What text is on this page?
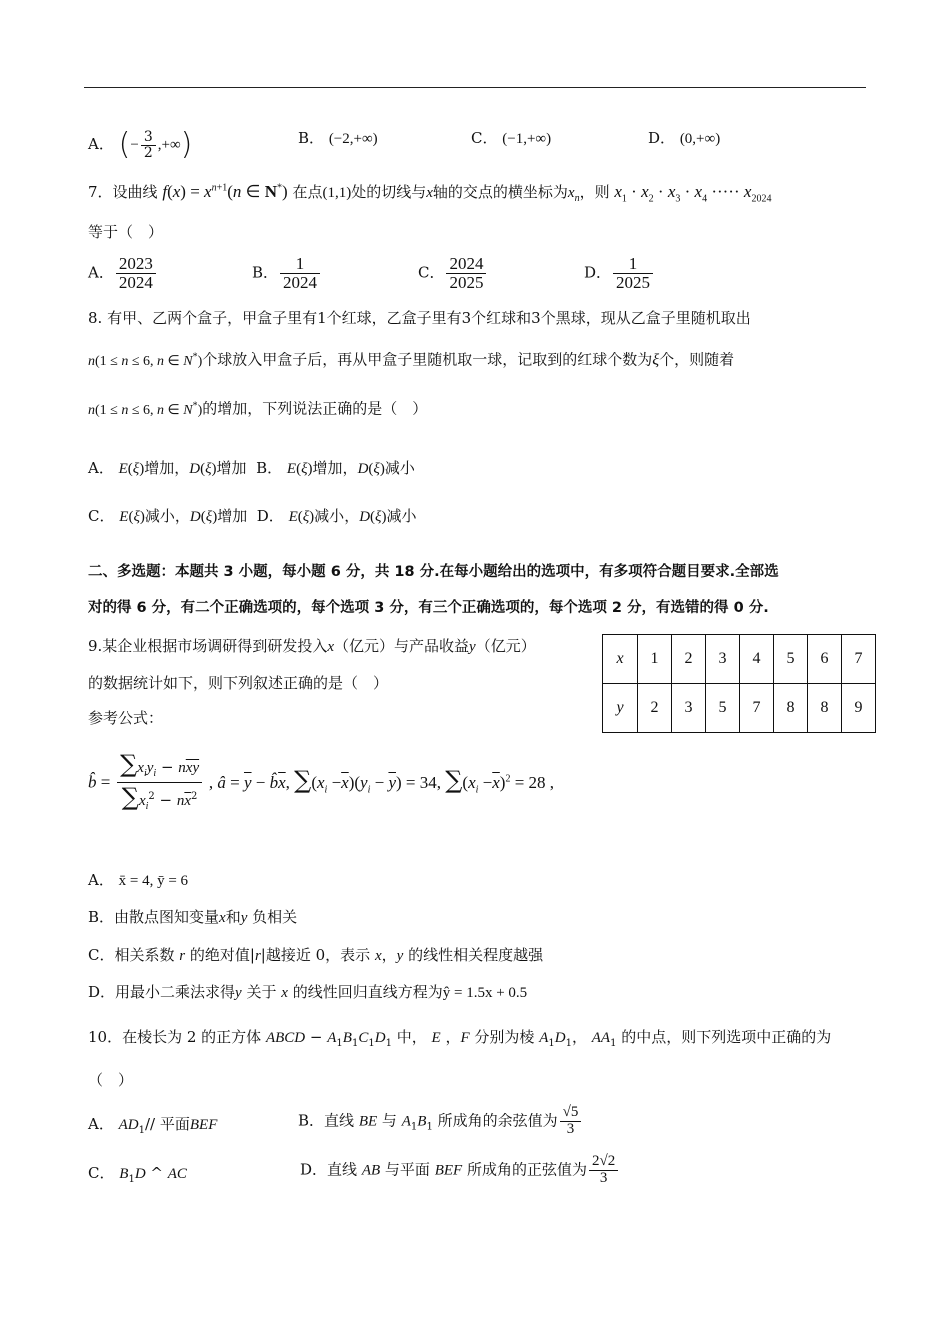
A． (− $\frac{3}{2}$ ,+∞)	B． (−2,+∞)	C． (−1,+∞)	D． (0,+∞)
7．设曲线 $f(x) = x^{n+1}(n$ ∈ N*) 在点(1,1)处的切线与x轴的交点的横坐标为$x_n$，则 $x_1 \cdot x_2 \cdot x_3 \cdot x_4$ ····· $x_{2024}$
等于（　）
A． $\frac{2023}{2024}$	B． $\frac{1}{2024}$	C． $\frac{2024}{2025}$	D． $\frac{1}{2025}$
8. 有甲、乙两个盒子，甲盒子里有1个红球，乙盒子里有3个红球和3个黑球，现从乙盒子里随机取出
n(1 ≤ n ≤ 6, n ∈ N*)个球放入甲盒子后，再从甲盒子里随机取一球，记取到的红球个数为ξ个，则随着
n(1 ≤ n ≤ 6, n ∈ N*)的增加，下列说法正确的是（　）
A． E(ξ)增加，D(ξ)增加 B． E(ξ)增加，D(ξ)减小
C． E(ξ)减小，D(ξ)增加 D． E(ξ)减小，D(ξ)减小
二、多选题：本题共 3 小题，每小题 6 分，共 18 分.在每小题给出的选项中，有多项符合题目要求.全部选
对的得 6 分，有二个正确选项的，每个选项 3 分，有三个正确选项的，每个选项 2 分，有选错的得 0 分.
9.某企业根据市场调研得到研发投入x（亿元）与产品收益y（亿元）
的数据统计如下，则下列叙述正确的是（　）
参考公式：
x	1	2	3	4	5	6	7
y	2	3	5	7	8	8	9
b̂ = $\frac{\sum x_iy_i - n\overline{xy}}{\sum x_i^2 - n\overline{x}^2}$ , â = $\overline{y}$ − $b̂\overline{x}$, $\sum(x_i -\overline{x})(y_i - \overline{y}) = 34$, $\sum(x_i -\overline{x})^2 = 28$ ,
A． x̄ = 4, ȳ = 6
B．由散点图知变量x和y 负相关
C．相关系数 r 的绝对值|r|越接近 0，表示 x，y 的线性相关程度越强
D．用最小二乘法求得y 关于 x 的线性回归直线方程为ŷ = 1.5x + 0.5
10．在棱长为 2 的正方体 ABCD − $A_1B_1C_1D_1$ 中， E ，F 分别为棱 $A_1D_1$， $AA_1$ 的中点，则下列选项中正确的为
（　）
A． $AD_1//$ 平面BEF	B．直线 BE 与 $A_1B_1$ 所成角的余弦值为 $\frac{√5}{3}$
C． $B_1D$ ^ AC	D．直线 AB 与平面 BEF 所成角的正弦值为 $\frac{2√2}{3}$
